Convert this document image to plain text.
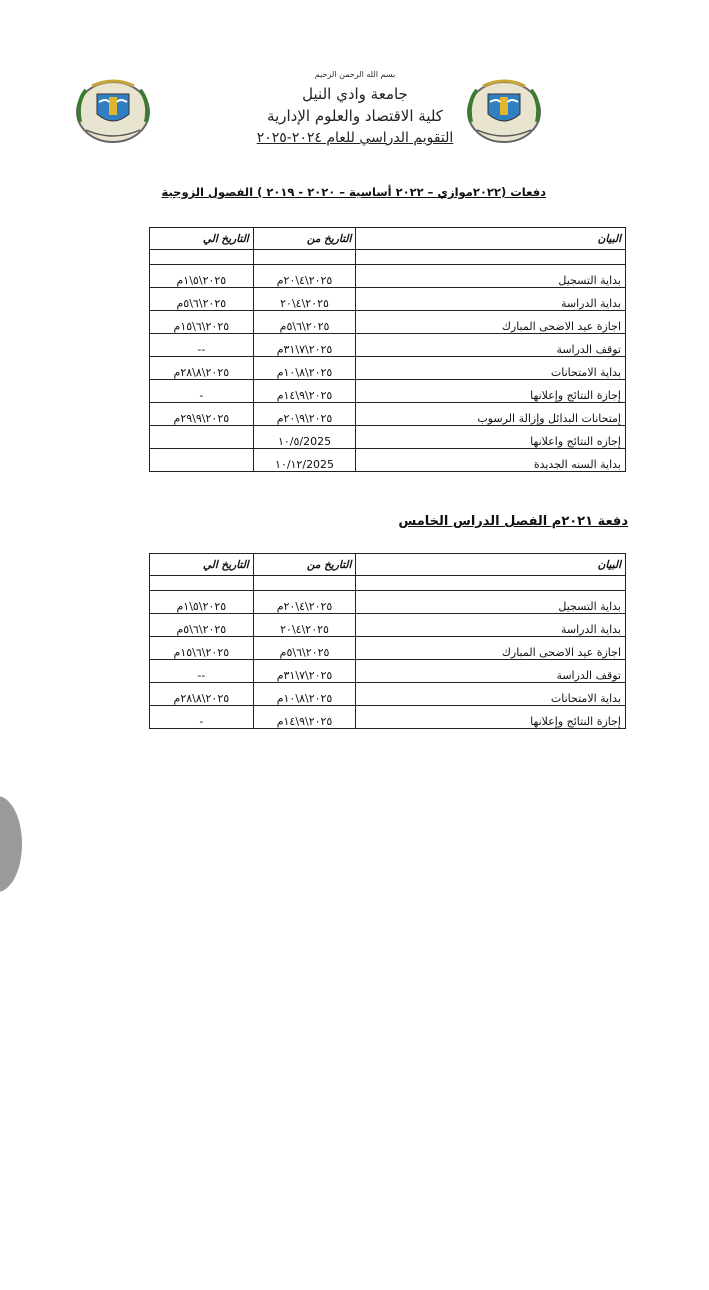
بسم الله الرحمن الرحيم
جامعة وادي النيل
كلية الاقتصاد والعلوم الإدارية
التقويم الدراسي للعام ٢٠٢٤-٢٠٢٥
دفعات (٢٠٢٢موازي – ٢٠٢٢ أساسية – ٢٠٢٠ - ٢٠١٩ ) الفصول الزوجية
البيان	التاريخ من	التاريخ الي

بداية التسجيل	٢٠٢٥\٤\٢٠م	٢٠٢٥\٥\١م
بداية الدراسة	٢٠٢٥\٤\٢٠	٢٠٢٥\٦\٥م
اجازة عيد الاضحى المبارك	٢٠٢٥\٦\٥م	٢٠٢٥\٦\١٥م
توقف الدراسة	٢٠٢٥\٧\٣١م	--
بداية الامتحانات	٢٠٢٥\٨\١٠م	٢٠٢٥\٨\٢٨م
إجازة النتائج وإعلانها	٢٠٢٥\٩\١٤م	-
إمتحانات البدائل وإزالة الرسوب	٢٠٢٥\٩\٢٠م	٢٠٢٥\٩\٢٩م
إجازه النتائج واعلانها	2025/١٠/٥	
بداية السنه الجديدة	2025/١٠/١٢	
دفعة ٢٠٢١م الفصل الدراس الخامس
البيان	التاريخ من	التاريخ الي

بداية التسجيل	٢٠٢٥\٤\٢٠م	٢٠٢٥\٥\١م
بداية الدراسة	٢٠٢٥\٤\٢٠	٢٠٢٥\٦\٥م
اجازة عيد الاضحى المبارك	٢٠٢٥\٦\٥م	٢٠٢٥\٦\١٥م
توقف الدراسة	٢٠٢٥\٧\٣١م	--
بداية الامتحانات	٢٠٢٥\٨\١٠م	٢٠٢٥\٨\٢٨م
إجازة النتائج وإعلانها	٢٠٢٥\٩\١٤م	-
